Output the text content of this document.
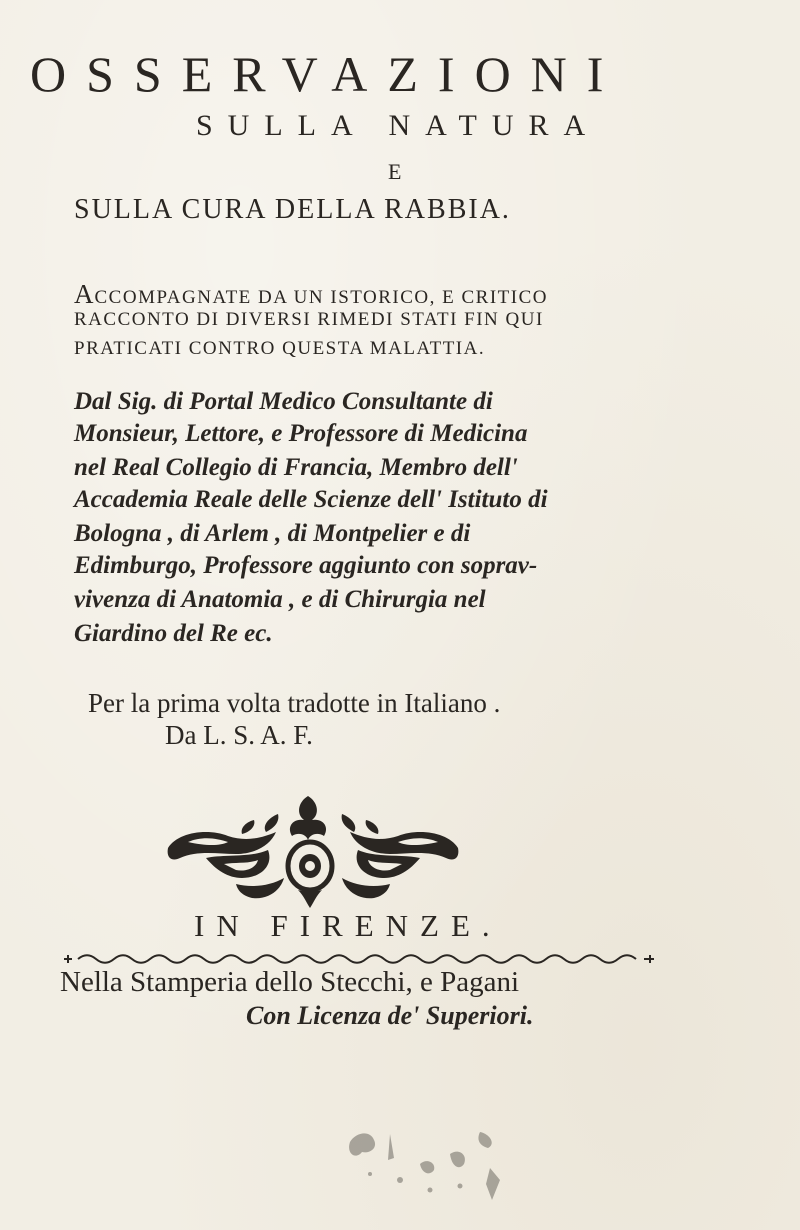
OSSERVAZIONI
SULLA NATURA
E
SULLA CURA DELLA RABBIA.
ACCOMPAGNATE DA UN ISTORICO, E CRITICO
RACCONTO DI DIVERSI RIMEDI STATI FIN QUI
PRATICATI CONTRO QUESTA MALATTIA.
Dal Sig. di Portal Medico Consultante di
Monsieur, Lettore, e Professore di Medicina
nel Real Collegio di Francia, Membro dell'
Accademia Reale delle Scienze dell' Istituto di
Bologna , di Arlem , di Montpelier e di
Edimburgo, Professore aggiunto con soprav-
vivenza di Anatomia , e di Chirurgia nel
Giardino del Re ec.
Per la prima volta tradotte in Italiano .
Da L. S. A. F.
IN FIRENZE.
Nella Stamperia dello Stecchi, e Pagani
Con Licenza de' Superiori.
